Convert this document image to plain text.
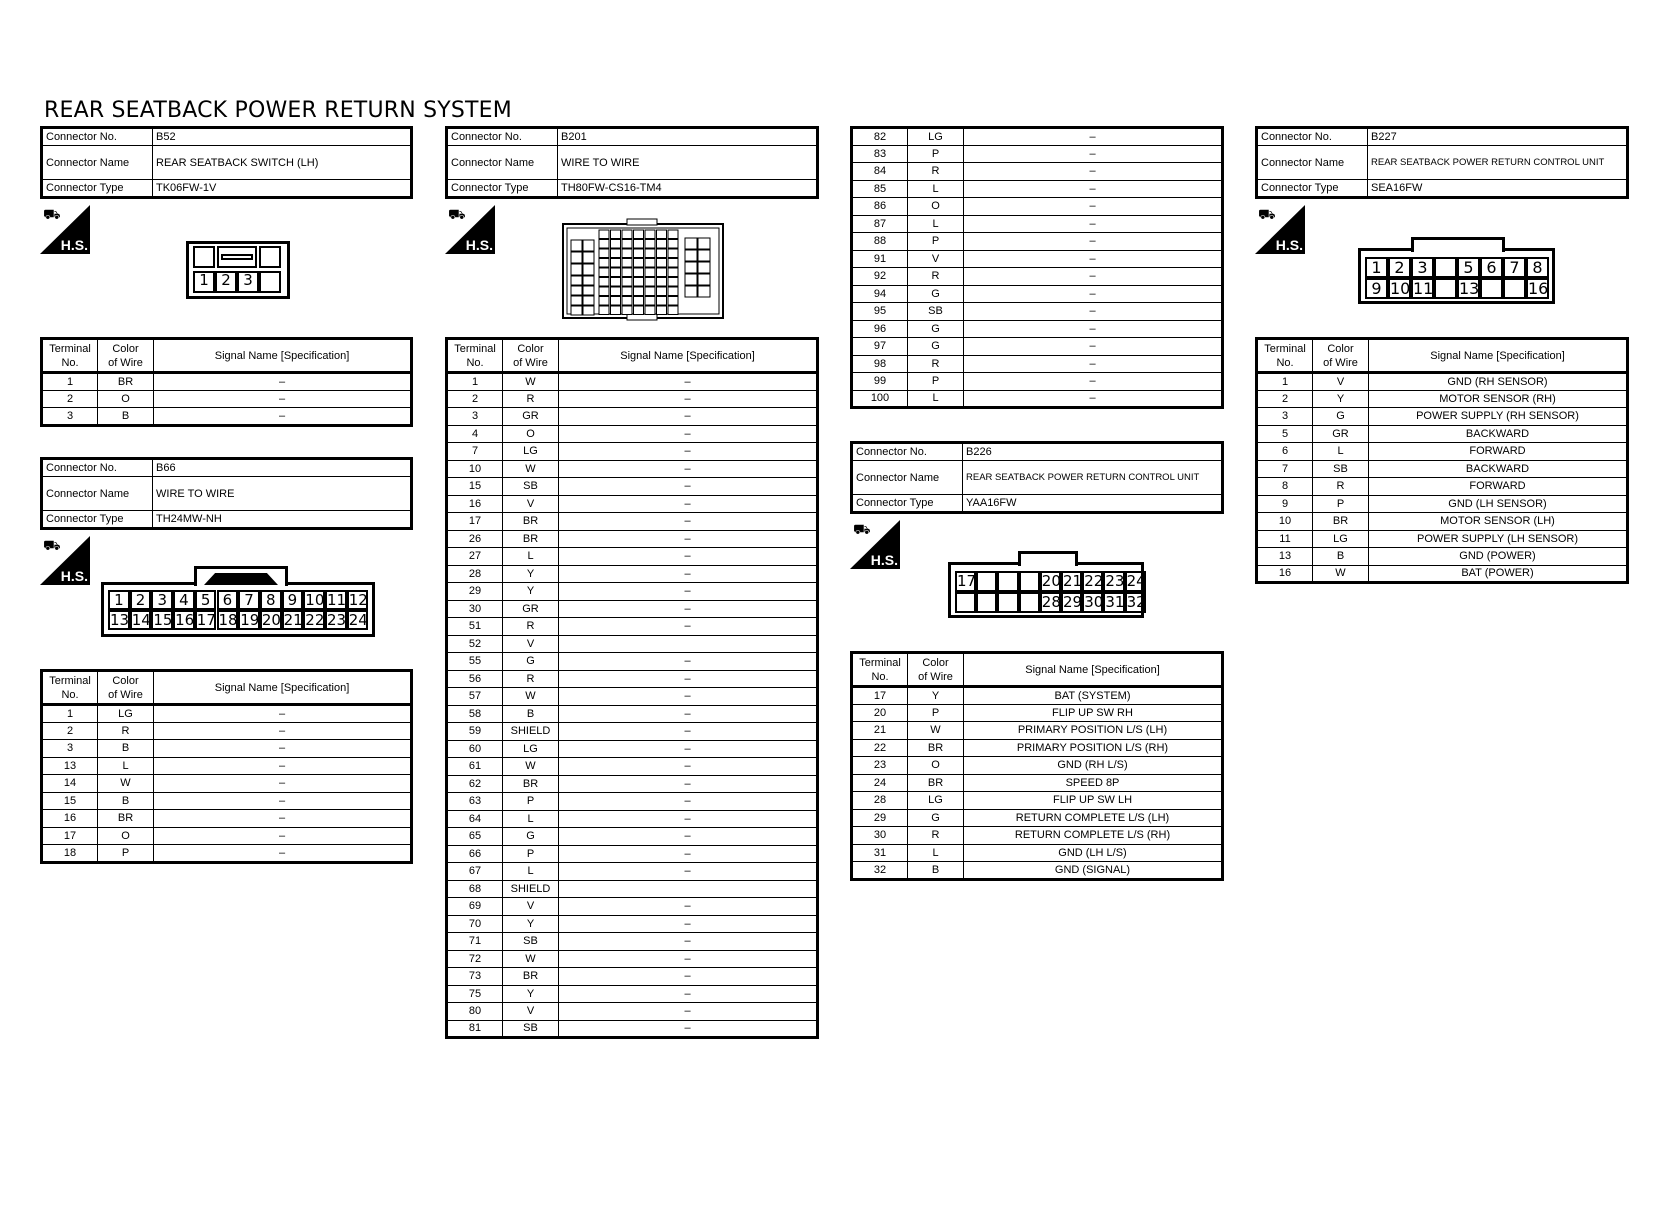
REAR SEATBACK POWER RETURN SYSTEM
Connector No.	B52
Connector Name	REAR SEATBACK SWITCH (LH)
Connector Type	TK06FW-1V
⛟
H.S.
1 2 3
Terminal
No.	Color
of Wire	Signal Name [Specification]
1	BR	–
2	O	–
3	B	–
Connector No.	B66
Connector Name	WIRE TO WIRE
Connector Type	TH24MW-NH
⛟
H.S.
1 2 3 4 5 6 7 8 9 10 11 12
13 14 15 16 17 18 19 20 21 22 23 24
Terminal
No.	Color
of Wire	Signal Name [Specification]
1	LG	–
2	R	–
3	B	–
13	L	–
14	W	–
15	B	–
16	BR	–
17	O	–
18	P	–
Connector No.	B201
Connector Name	WIRE TO WIRE
Connector Type	TH80FW-CS16-TM4
⛟
H.S.
Terminal
No.	Color
of Wire	Signal Name [Specification]
1	W	–
2	R	–
3	GR	–
4	O	–
7	LG	–
10	W	–
15	SB	–
16	V	–
17	BR	–
26	BR	–
27	L	–
28	Y	–
29	Y	–
30	GR	–
51	R	–
52	V	
55	G	–
56	R	–
57	W	–
58	B	–
59	SHIELD	–
60	LG	–
61	W	–
62	BR	–
63	P	–
64	L	–
65	G	–
66	P	–
67	L	–
68	SHIELD	
69	V	–
70	Y	–
71	SB	–
72	W	–
73	BR	–
75	Y	–
80	V	–
81	SB	–
82	LG	–
83	P	–
84	R	–
85	L	–
86	O	–
87	L	–
88	P	–
91	V	–
92	R	–
94	G	–
95	SB	–
96	G	–
97	G	–
98	R	–
99	P	–
100	L	–
Connector No.	B226
Connector Name	REAR SEATBACK POWER RETURN CONTROL UNIT
Connector Type	YAA16FW
⛟
H.S.
17	20 21 22 23 24
28 29 30 31 32
Terminal
No.	Color
of Wire	Signal Name [Specification]
17	Y	BAT (SYSTEM)
20	P	FLIP UP SW RH
21	W	PRIMARY POSITION L/S (LH)
22	BR	PRIMARY POSITION L/S (RH)
23	O	GND (RH L/S)
24	BR	SPEED 8P
28	LG	FLIP UP SW LH
29	G	RETURN COMPLETE L/S (LH)
30	R	RETURN COMPLETE L/S (RH)
31	L	GND (LH L/S)
32	B	GND (SIGNAL)
Connector No.	B227
Connector Name	REAR SEATBACK POWER RETURN CONTROL UNIT
Connector Type	SEA16FW
⛟
H.S.
1 2 3	5 6 7 8
9 10 11 13	16
Terminal
No.	Color
of Wire	Signal Name [Specification]
1	V	GND (RH SENSOR)
2	Y	MOTOR SENSOR (RH)
3	G	POWER SUPPLY (RH SENSOR)
5	GR	BACKWARD
6	L	FORWARD
7	SB	BACKWARD
8	R	FORWARD
9	P	GND (LH SENSOR)
10	BR	MOTOR SENSOR (LH)
11	LG	POWER SUPPLY (LH SENSOR)
13	B	GND (POWER)
16	W	BAT (POWER)
